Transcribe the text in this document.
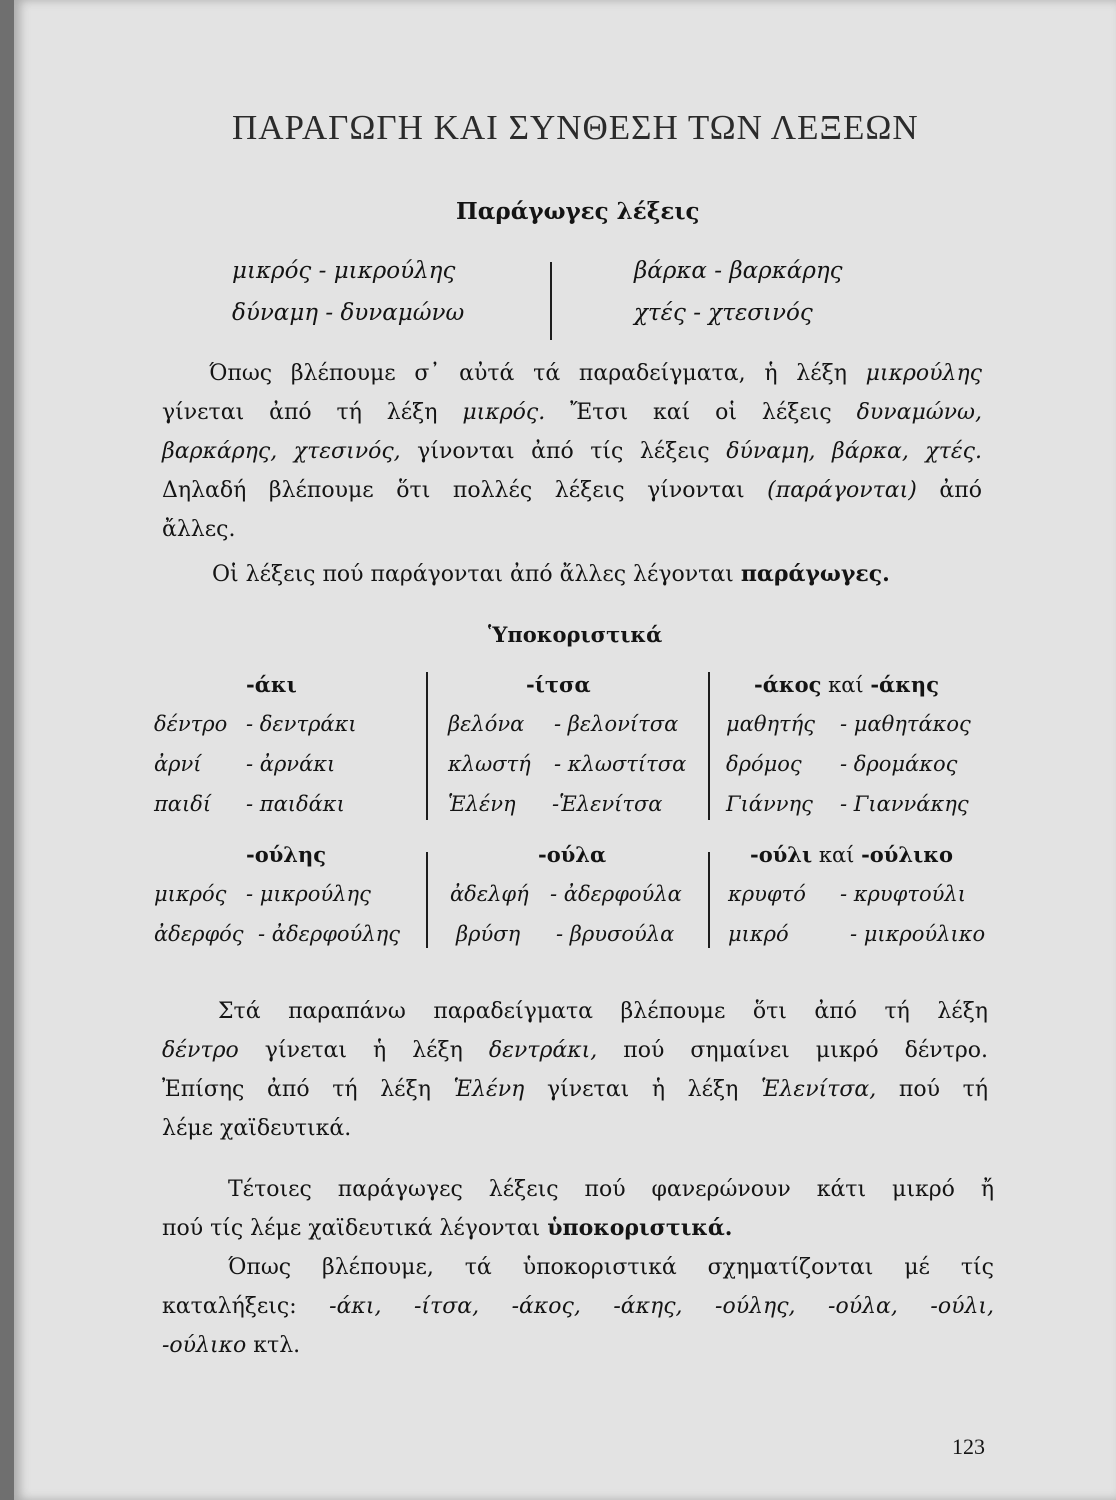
ΠΑΡΑΓΩΓΗ ΚΑΙ ΣΥΝΘΕΣΗ ΤΩΝ ΛΕΞΕΩΝ
Παράγωγες λέξεις
μικρός - μικρούλης
δύναμη - δυναμώνω
βάρκα - βαρκάρης
χτές - χτεσινός
Όπως βλέπουμε σ᾽ αὐτά τά παραδείγματα, ἡ λέξη μικρούλης
γίνεται ἀπό τή λέξη μικρός. Ἔτσι καί οἱ λέξεις δυναμώνω,
βαρκάρης, χτεσινός, γίνονται ἀπό τίς λέξεις δύναμη, βάρκα, χτές.
Δηλαδή βλέπουμε ὅτι πολλές λέξεις γίνονται (παράγονται) ἀπό
ἄλλες.
Οἱ λέξεις πού παράγονται ἀπό ἄλλες λέγονται παράγωγες.
Ὑποκοριστικά
-άκι
δέντρο - δεντράκι
ἀρνί - ἀρνάκι
παιδί - παιδάκι
-ίτσα
βελόνα - βελονίτσα
κλωστή - κλωστίτσα
Ἑλένη -Ἑλενίτσα
-άκος καί -άκης
μαθητής - μαθητάκος
δρόμος - δρομάκος
Γιάννης - Γιαννάκης
-ούλης
μικρός - μικρούλης
ἀδερφός - ἀδερφούλης
-ούλα
ἀδελφή - ἀδερφούλα
βρύση - βρυσούλα
-ούλι καί -ούλικο
κρυφτό - κρυφτούλι
μικρό	- μικρούλικο
Στά παραπάνω παραδείγματα βλέπουμε ὅτι ἀπό τή λέξη
δέντρο γίνεται ἡ λέξη δεντράκι, πού σημαίνει μικρό δέντρο.
Ἐπίσης ἀπό τή λέξη Ἑλένη γίνεται ἡ λέξη Ἑλενίτσα, πού τή
λέμε χαϊδευτικά.
Τέτοιες παράγωγες λέξεις πού φανερώνουν κάτι μικρό ἤ
πού τίς λέμε χαϊδευτικά λέγονται ὑποκοριστικά.
Όπως βλέπουμε, τά ὑποκοριστικά σχηματίζονται μέ τίς
καταλήξεις: -άκι, -ίτσα, -άκος, -άκης, -ούλης, -ούλα, -ούλι,
-ούλικο κτλ.
123
